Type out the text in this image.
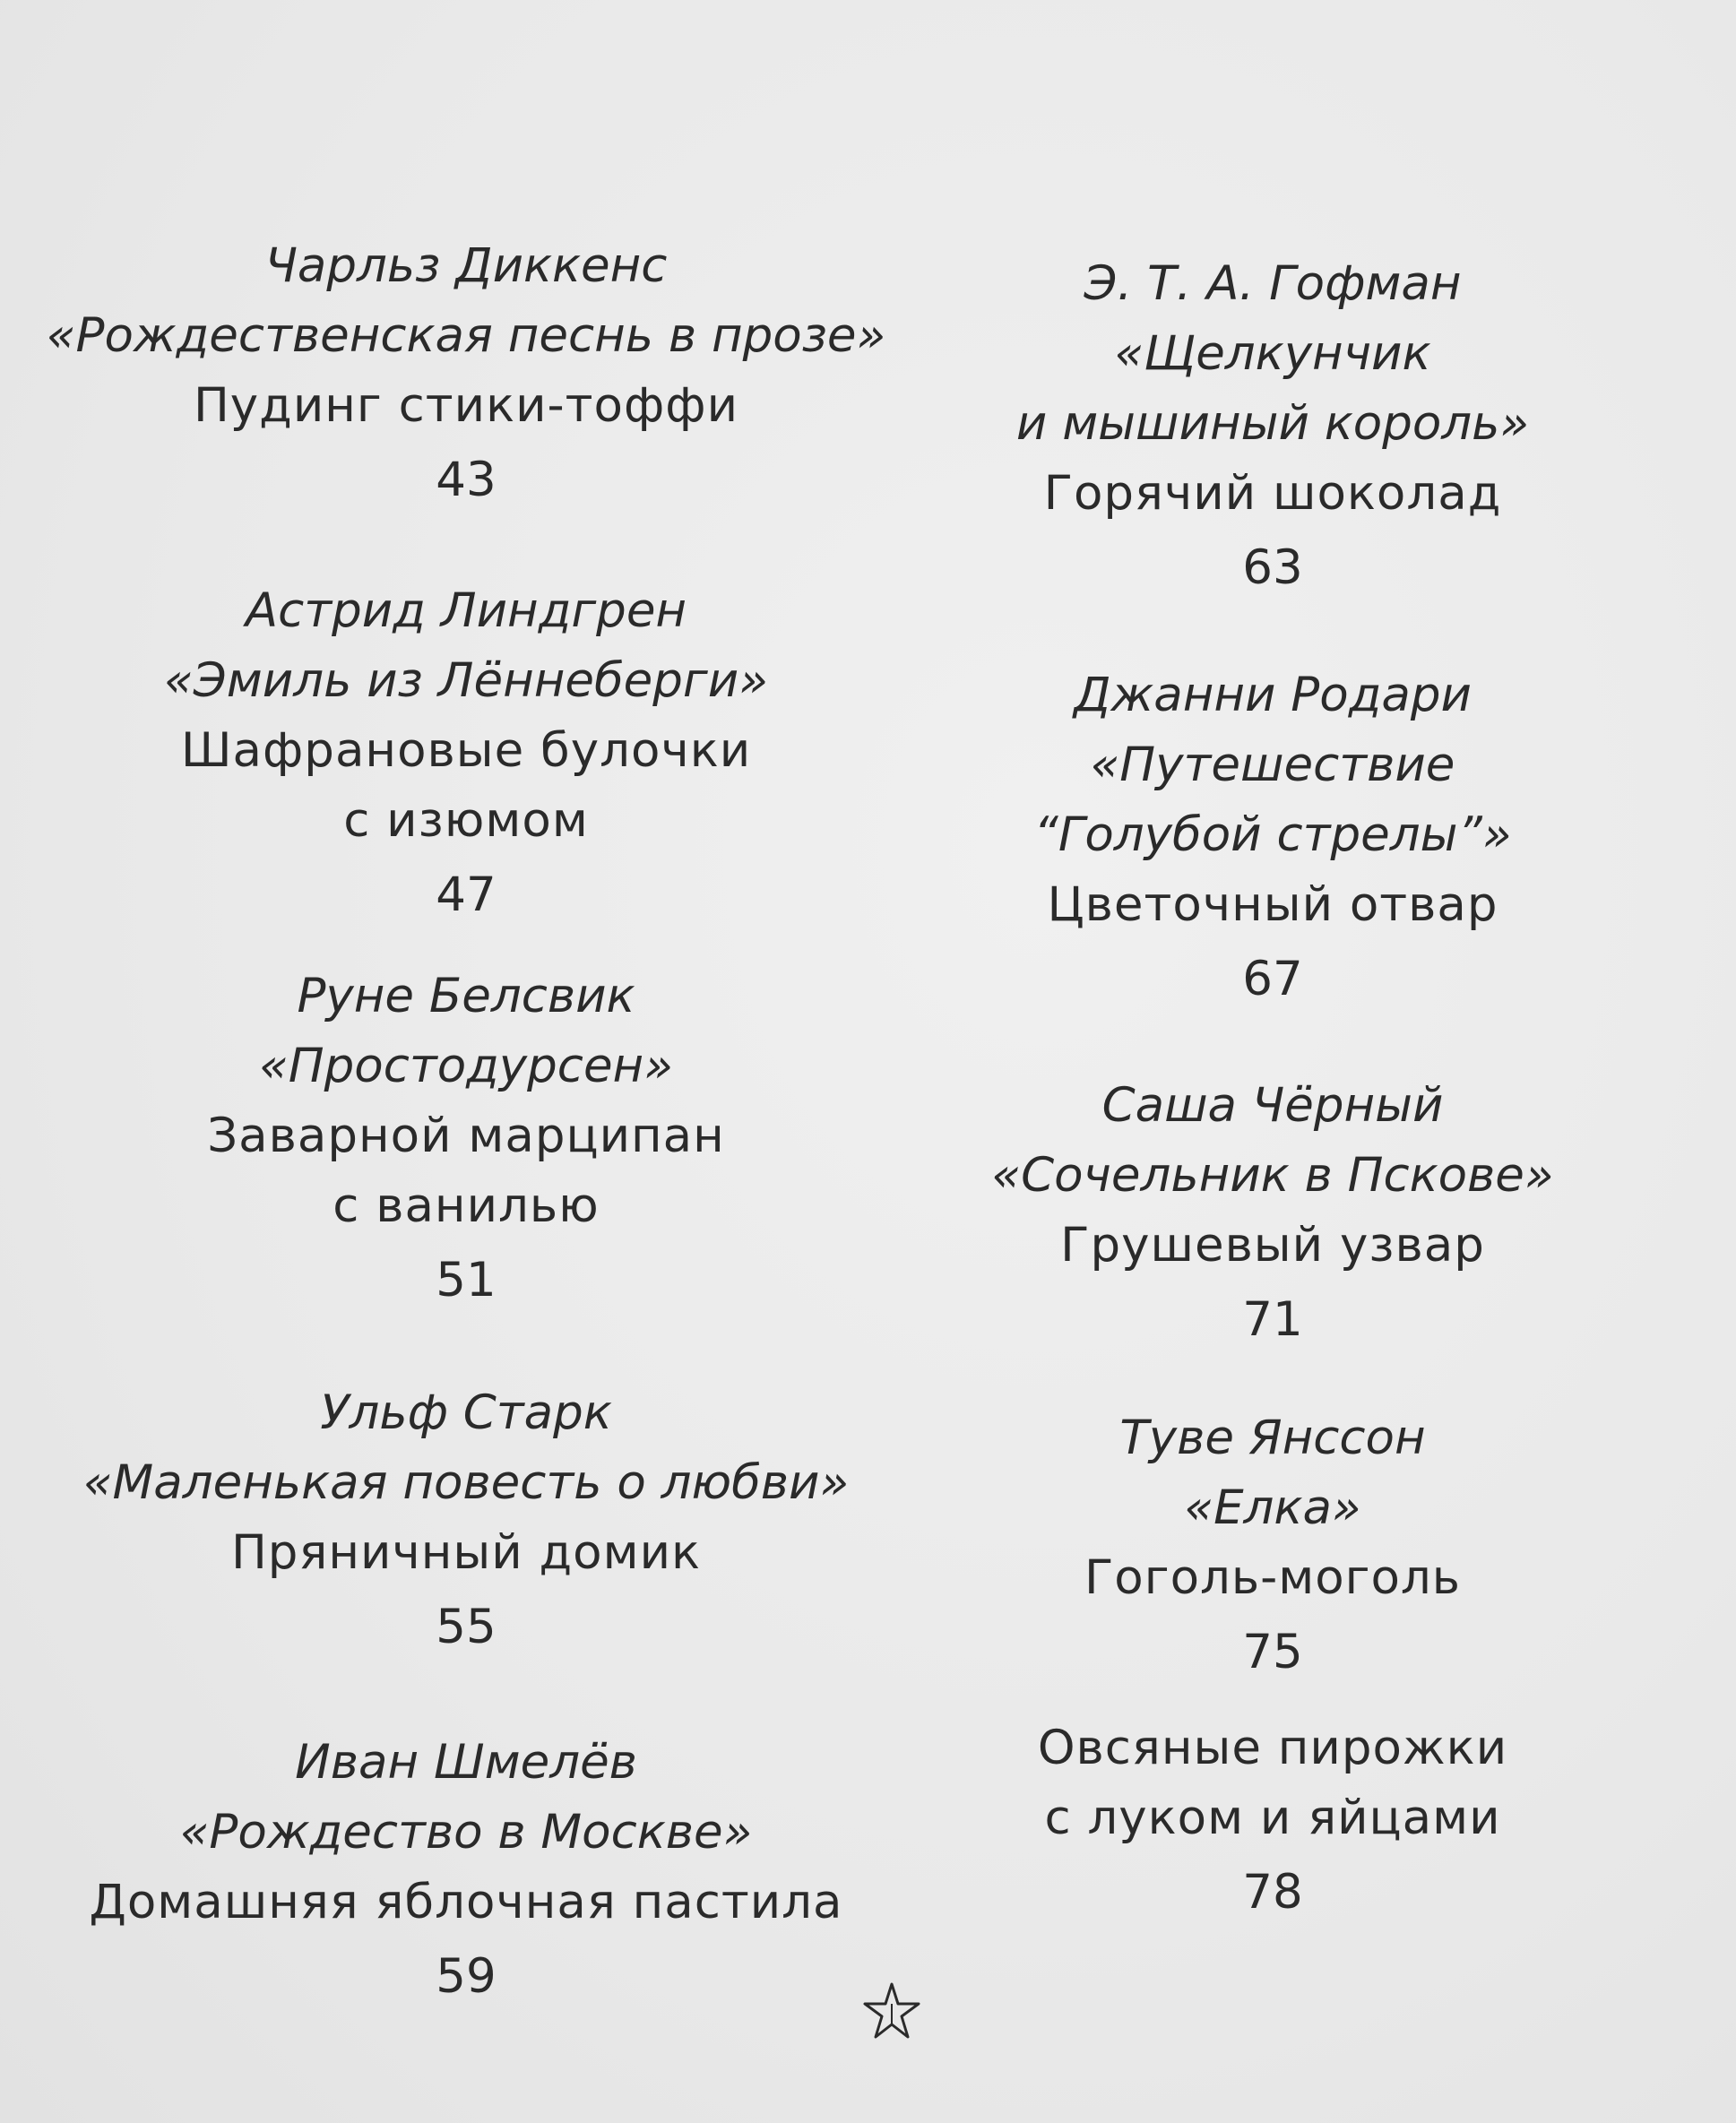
Чарльз Диккенс
«Рождественская песнь в прозе»
Пудинг стики-тоффи
43
Астрид Линдгрен
«Эмиль из Лённеберги»
Шафрановые булочки
с изюмом
47
Руне Белсвик
«Простодурсен»
Заварной марципан
с ванилью
51
Ульф Старк
«Маленькая повесть о любви»
Пряничный домик
55
Иван Шмелёв
«Рождество в Москве»
Домашняя яблочная пастила
59
Э. Т. А. Гофман
«Щелкунчик
и мышиный король»
Горячий шоколад
63
Джанни Родари
«Путешествие
“Голубой стрелы”»
Цветочный отвар
67
Саша Чёрный
«Сочельник в Пскове»
Грушевый узвар
71
Туве Янссон
«Елка»
Гоголь-моголь
75
Овсяные пирожки
с луком и яйцами
78
